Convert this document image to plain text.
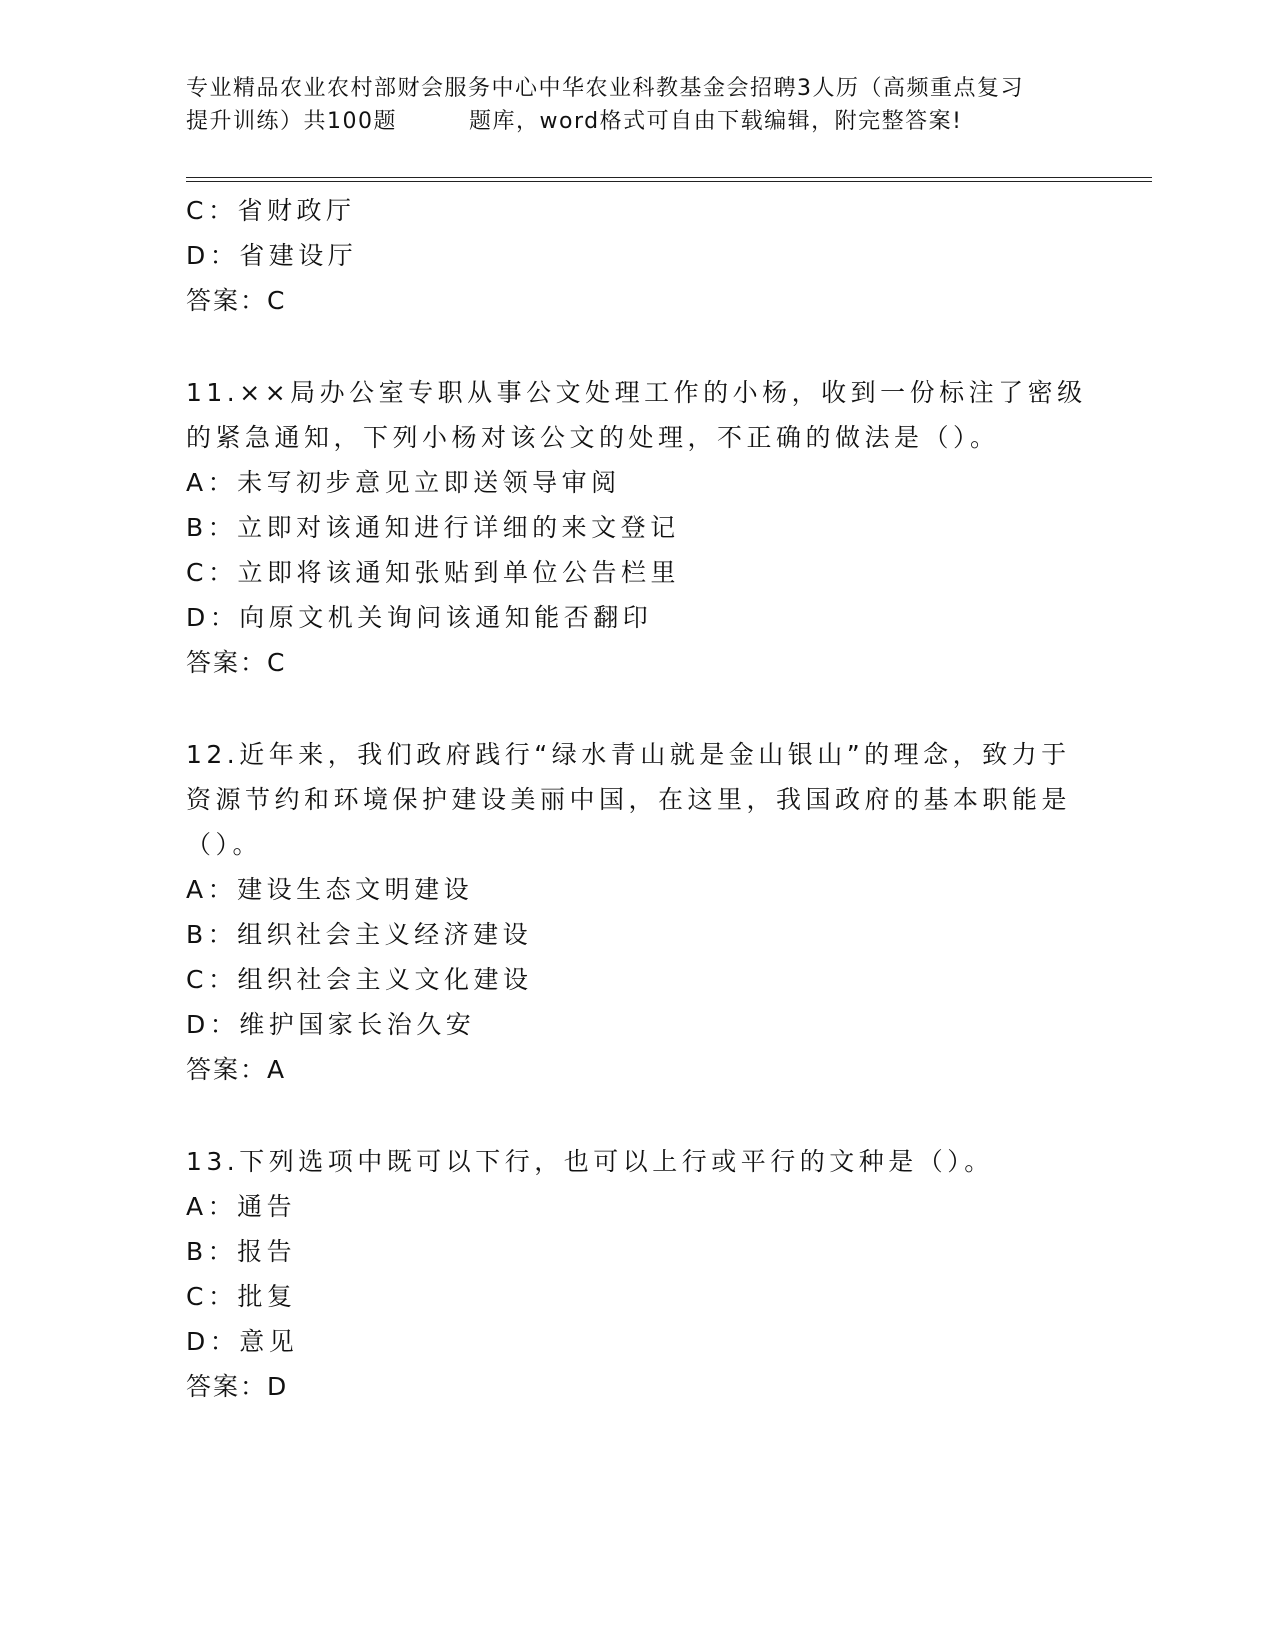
专业精品农业农村部财会服务中心中华农业科教基金会招聘3人历（高频重点复习
提升训练）共100题	题库，word格式可自由下载编辑，附完整答案!
C：省财政厅
D：省建设厅
答案：C
11.××局办公室专职从事公文处理工作的小杨，收到一份标注了密级
的紧急通知，下列小杨对该公文的处理，不正确的做法是（）。
A：未写初步意见立即送领导审阅
B：立即对该通知进行详细的来文登记
C：立即将该通知张贴到单位公告栏里
D：向原文机关询问该通知能否翻印
答案：C
12.近年来，我们政府践行“绿水青山就是金山银山”的理念，致力于
资源节约和环境保护建设美丽中国，在这里，我国政府的基本职能是
（）。
A：建设生态文明建设
B：组织社会主义经济建设
C：组织社会主义文化建设
D：维护国家长治久安
答案：A
13.下列选项中既可以下行，也可以上行或平行的文种是（）。
A：通告
B：报告
C：批复
D：意见
答案：D
